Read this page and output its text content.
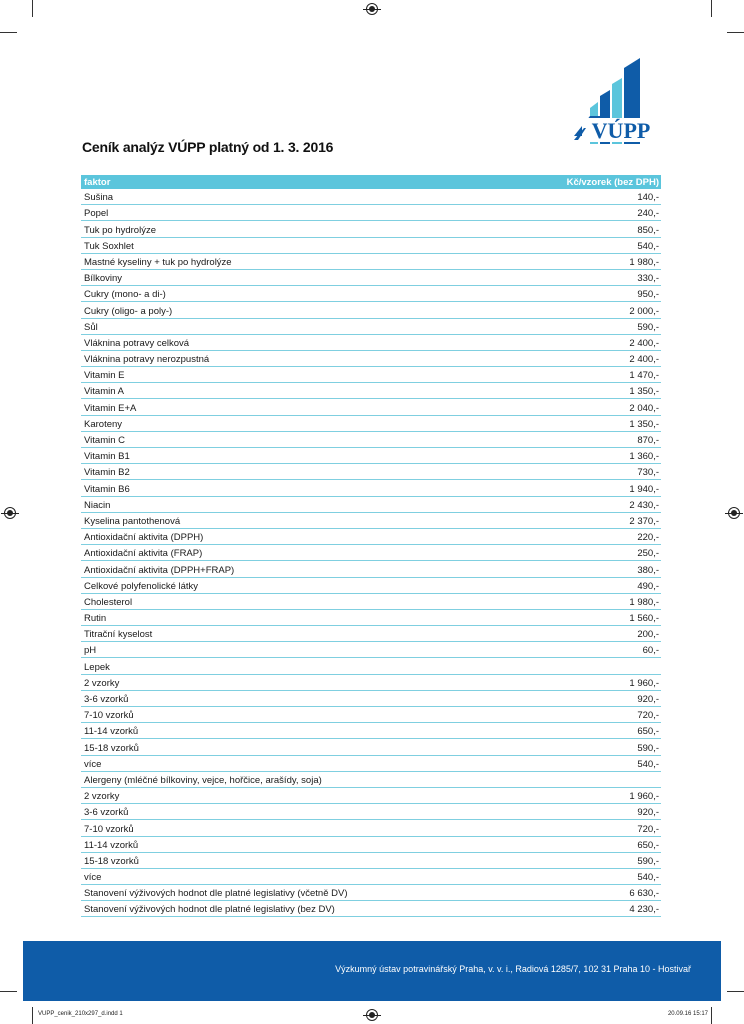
VÚPP
Ceník analýz VÚPP platný od 1. 3. 2016
faktor	Kč/vzorek (bez DPH)
Sušina	140,-
Popel	240,-
Tuk po hydrolýze	850,-
Tuk Soxhlet	540,-
Mastné kyseliny + tuk po hydrolýze	1 980,-
Bílkoviny	330,-
Cukry (mono- a di-)	950,-
Cukry (oligo- a poly-)	2 000,-
Sůl	590,-
Vláknina potravy celková	2 400,-
Vláknina potravy nerozpustná	2 400,-
Vitamin E	1 470,-
Vitamin A	1 350,-
Vitamin E+A	2 040,-
Karoteny	1 350,-
Vitamin C	870,-
Vitamin B1	1 360,-
Vitamin B2	730,-
Vitamin B6	1 940,-
Niacin	2 430,-
Kyselina pantothenová	2 370,-
Antioxidační aktivita (DPPH)	220,-
Antioxidační aktivita (FRAP)	250,-
Antioxidační aktivita (DPPH+FRAP)	380,-
Celkové polyfenolické látky	490,-
Cholesterol	1 980,-
Rutin	1 560,-
Titrační kyselost	200,-
pH	60,-
Lepek
2 vzorky	1 960,-
3-6 vzorků	920,-
7-10 vzorků	720,-
11-14 vzorků	650,-
15-18 vzorků	590,-
více	540,-
Alergeny (mléčné bílkoviny, vejce, hořčice, arašídy, soja)
2 vzorky	1 960,-
3-6 vzorků	920,-
7-10 vzorků	720,-
11-14 vzorků	650,-
15-18 vzorků	590,-
více	540,-
Stanovení výživových hodnot dle platné legislativy (včetně DV)	6 630,-
Stanovení výživových hodnot dle platné legislativy (bez DV)	4 230,-
Výzkumný ústav potravinářský Praha, v. v. i., Radiová 1285/7, 102 31 Praha 10 - Hostivař
VUPP_cenik_210x297_d.indd 1	20.09.16 15:17
